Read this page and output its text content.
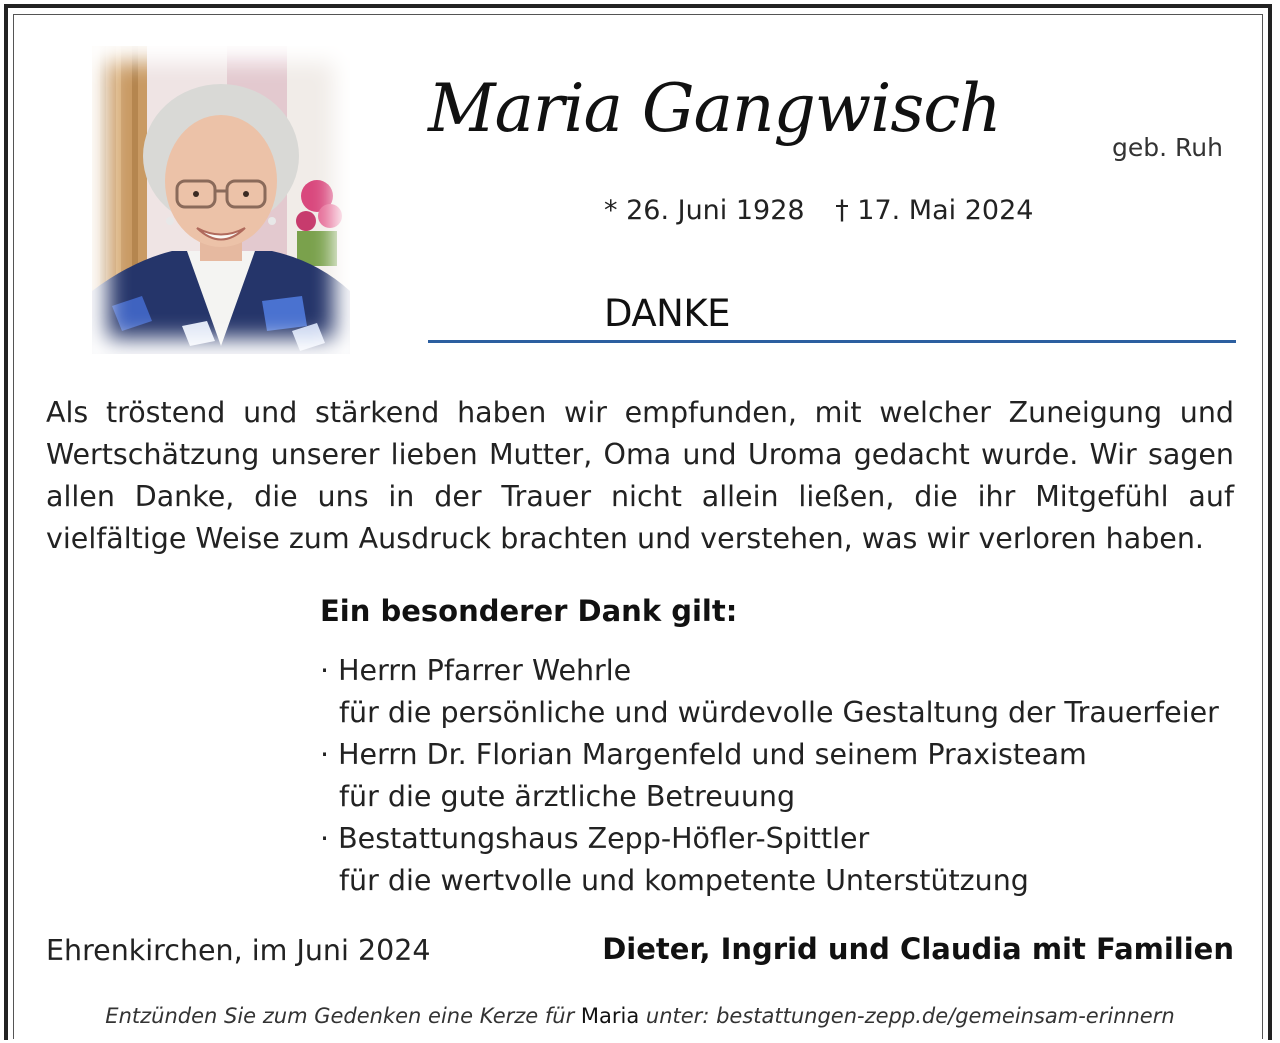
Maria Gangwisch
geb. Ruh
* 26. Juni 1928 † 17. Mai 2024
DANKE
Als tröstend und stärkend haben wir empfunden, mit welcher Zuneigung und Wertschätzung unserer lieben Mutter, Oma und Uroma gedacht wurde. Wir sagen allen Danke, die uns in der Trauer nicht allein ließen, die ihr Mitgefühl auf vielfältige Weise zum Ausdruck brachten und verstehen, was wir verloren haben.
Ein besonderer Dank gilt:
· Herrn Pfarrer Wehrle
für die persönliche und würdevolle Gestaltung der Trauerfeier
· Herrn Dr. Florian Margenfeld und seinem Praxisteam
für die gute ärztliche Betreuung
· Bestattungshaus Zepp-Höfler-Spittler
für die wertvolle und kompetente Unterstützung
Ehrenkirchen, im Juni 2024	Dieter, Ingrid und Claudia mit Familien
Entzünden Sie zum Gedenken eine Kerze für Maria unter: bestattungen-zepp.de/gemeinsam-erinnern
